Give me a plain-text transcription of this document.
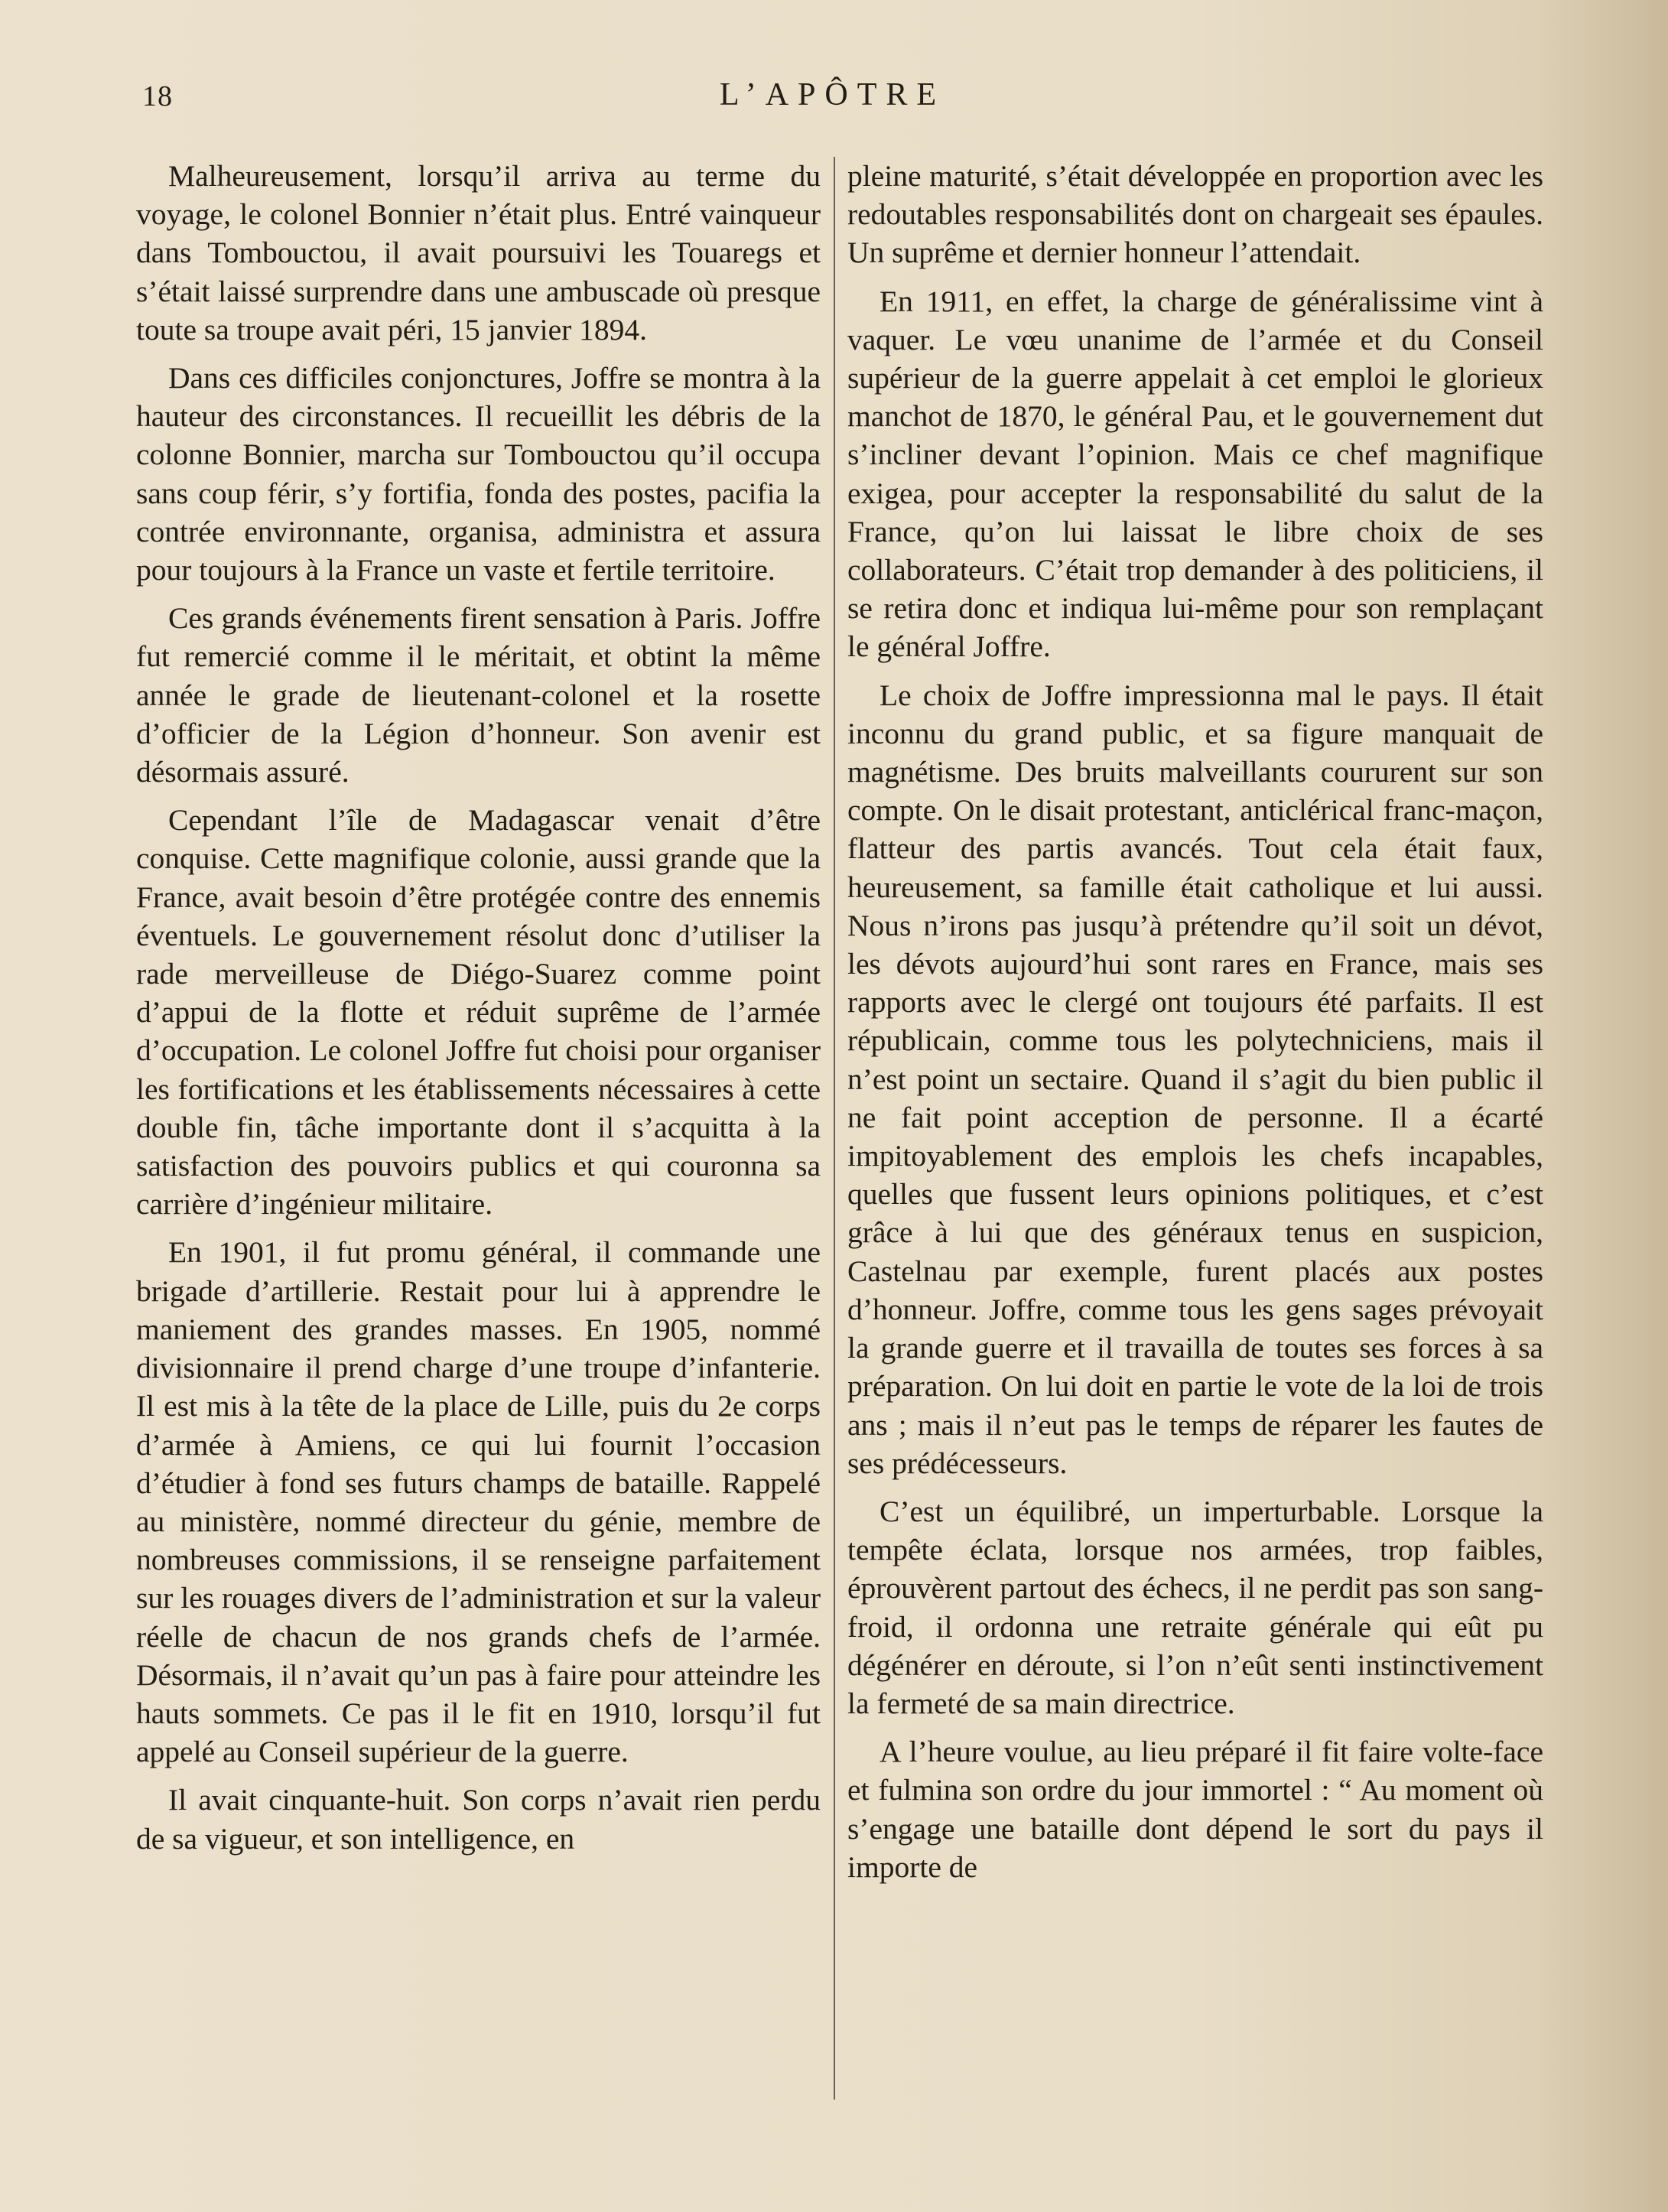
18	L’APÔTRE

Malheureusement, lorsqu’il arriva au terme du voyage, le colonel Bonnier n’était plus. Entré vainqueur dans Tombouctou, il avait poursuivi les Touaregs et s’était laissé surprendre dans une ambuscade où presque toute sa troupe avait péri, 15 janvier 1894.

Dans ces difficiles conjonctures, Joffre se montra à la hauteur des circonstances. Il recueillit les débris de la colonne Bonnier, marcha sur Tombouctou qu’il occupa sans coup férir, s’y fortifia, fonda des postes, pacifia la contrée environnante, organisa, administra et assura pour toujours à la France un vaste et fertile territoire.

Ces grands événements firent sensation à Paris. Joffre fut remercié comme il le méritait, et obtint la même année le grade de lieutenant-colonel et la rosette d’officier de la Légion d’honneur. Son avenir est désormais assuré.

Cependant l’île de Madagascar venait d’être conquise. Cette magnifique colonie, aussi grande que la France, avait besoin d’être protégée contre des ennemis éventuels. Le gouvernement résolut donc d’utiliser la rade merveilleuse de Diégo-Suarez comme point d’appui de la flotte et réduit suprême de l’armée d’occupation. Le colonel Joffre fut choisi pour organiser les fortifications et les établissements nécessaires à cette double fin, tâche importante dont il s’acquitta à la satisfaction des pouvoirs publics et qui couronna sa carrière d’ingénieur militaire.

En 1901, il fut promu général, il commande une brigade d’artillerie. Restait pour lui à apprendre le maniement des grandes masses. En 1905, nommé divisionnaire il prend charge d’une troupe d’infanterie. Il est mis à la tête de la place de Lille, puis du 2e corps d’armée à Amiens, ce qui lui fournit l’occasion d’étudier à fond ses futurs champs de bataille. Rappelé au ministère, nommé directeur du génie, membre de nombreuses commissions, il se renseigne parfaitement sur les rouages divers de l’administration et sur la valeur réelle de chacun de nos grands chefs de l’armée. Désormais, il n’avait qu’un pas à faire pour atteindre les hauts sommets. Ce pas il le fit en 1910, lorsqu’il fut appelé au Conseil supérieur de la guerre.

Il avait cinquante-huit. Son corps n’avait rien perdu de sa vigueur, et son intelligence, en

pleine maturité, s’était développée en proportion avec les redoutables responsabilités dont on chargeait ses épaules. Un suprême et dernier honneur l’attendait.

En 1911, en effet, la charge de généralissime vint à vaquer. Le vœu unanime de l’armée et du Conseil supérieur de la guerre appelait à cet emploi le glorieux manchot de 1870, le général Pau, et le gouvernement dut s’incliner devant l’opinion. Mais ce chef magnifique exigea, pour accepter la responsabilité du salut de la France, qu’on lui laissat le libre choix de ses collaborateurs. C’était trop demander à des politiciens, il se retira donc et indiqua lui-même pour son remplaçant le général Joffre.

Le choix de Joffre impressionna mal le pays. Il était inconnu du grand public, et sa figure manquait de magnétisme. Des bruits malveillants coururent sur son compte. On le disait protestant, anticlérical franc-maçon, flatteur des partis avancés. Tout cela était faux, heureusement, sa famille était catholique et lui aussi. Nous n’irons pas jusqu’à prétendre qu’il soit un dévot, les dévots aujourd’hui sont rares en France, mais ses rapports avec le clergé ont toujours été parfaits. Il est républicain, comme tous les polytechniciens, mais il n’est point un sectaire. Quand il s’agit du bien public il ne fait point acception de personne. Il a écarté impitoyablement des emplois les chefs incapables, quelles que fussent leurs opinions politiques, et c’est grâce à lui que des généraux tenus en suspicion, Castelnau par exemple, furent placés aux postes d’honneur. Joffre, comme tous les gens sages prévoyait la grande guerre et il travailla de toutes ses forces à sa préparation. On lui doit en partie le vote de la loi de trois ans ; mais il n’eut pas le temps de réparer les fautes de ses prédécesseurs.

C’est un équilibré, un imperturbable. Lorsque la tempête éclata, lorsque nos armées, trop faibles, éprouvèrent partout des échecs, il ne perdit pas son sang-froid, il ordonna une retraite générale qui eût pu dégénérer en déroute, si l’on n’eût senti instinctivement la fermeté de sa main directrice.

A l’heure voulue, au lieu préparé il fit faire volte-face et fulmina son ordre du jour immortel : “ Au moment où s’engage une bataille dont dépend le sort du pays il importe de
